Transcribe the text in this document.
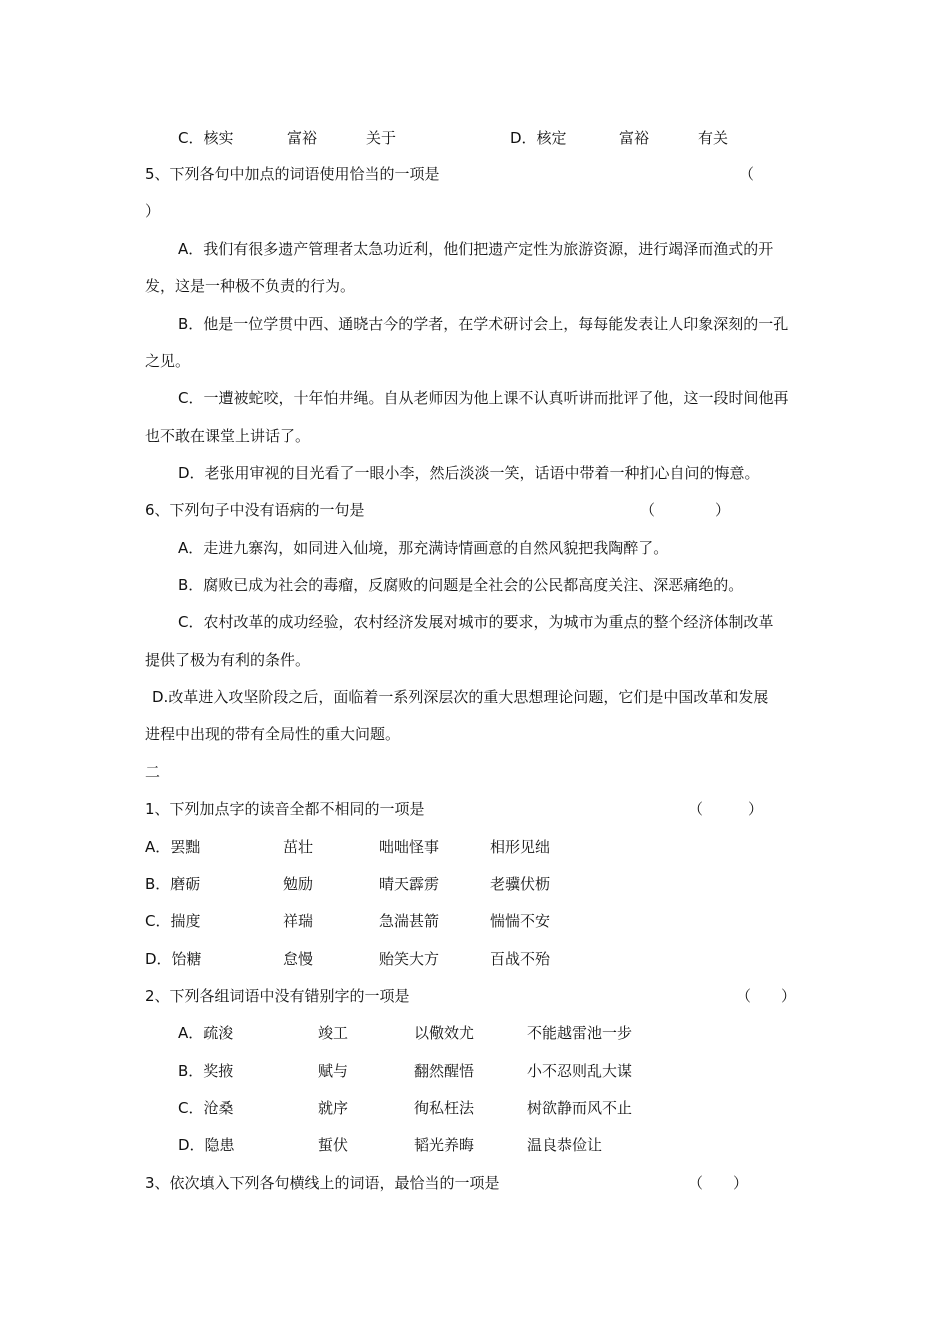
C．核实	富裕	关于	D．核定	富裕	有关
5、下列各句中加点的词语使用恰当的一项是	（
）
A．我们有很多遗产管理者太急功近利，他们把遗产定性为旅游资源，进行竭泽而渔式的开
发，这是一种极不负责的行为。
B．他是一位学贯中西、通晓古今的学者，在学术研讨会上，每每能发表让人印象深刻的一孔
之见。
C．一遭被蛇咬，十年怕井绳。自从老师因为他上课不认真听讲而批评了他，这一段时间他再
也不敢在课堂上讲话了。
D．老张用审视的目光看了一眼小李，然后淡淡一笑，话语中带着一种扪心自问的悔意。
6、下列句子中没有语病的一句是	（　　　　）
A．走进九寨沟，如同进入仙境，那充满诗情画意的自然风貌把我陶醉了。
B．腐败已成为社会的毒瘤，反腐败的问题是全社会的公民都高度关注、深恶痛绝的。
C．农村改革的成功经验，农村经济发展对城市的要求，为城市为重点的整个经济体制改革
提供了极为有利的条件。
D.改革进入攻坚阶段之后，面临着一系列深层次的重大思想理论问题，它们是中国改革和发展
进程中出现的带有全局性的重大问题。
二
1、下列加点字的读音全都不相同的一项是	（　　　）
A．罢黜	茁壮	咄咄怪事	相形见绌
B．磨砺	勉励	晴天霹雳	老骥伏枥
C．揣度	祥瑞	急湍甚箭	惴惴不安
D．饴糖	怠慢	贻笑大方	百战不殆
2、下列各组词语中没有错别字的一项是	（　　）
A．疏浚	竣工	以儆效尤	不能越雷池一步
B．奖掖	赋与	翻然醒悟	小不忍则乱大谋
C．沧桑	就序	徇私枉法	树欲静而风不止
D．隐患	蜇伏	韬光养晦	温良恭俭让
3、依次填入下列各句横线上的词语，最恰当的一项是	（　　）
